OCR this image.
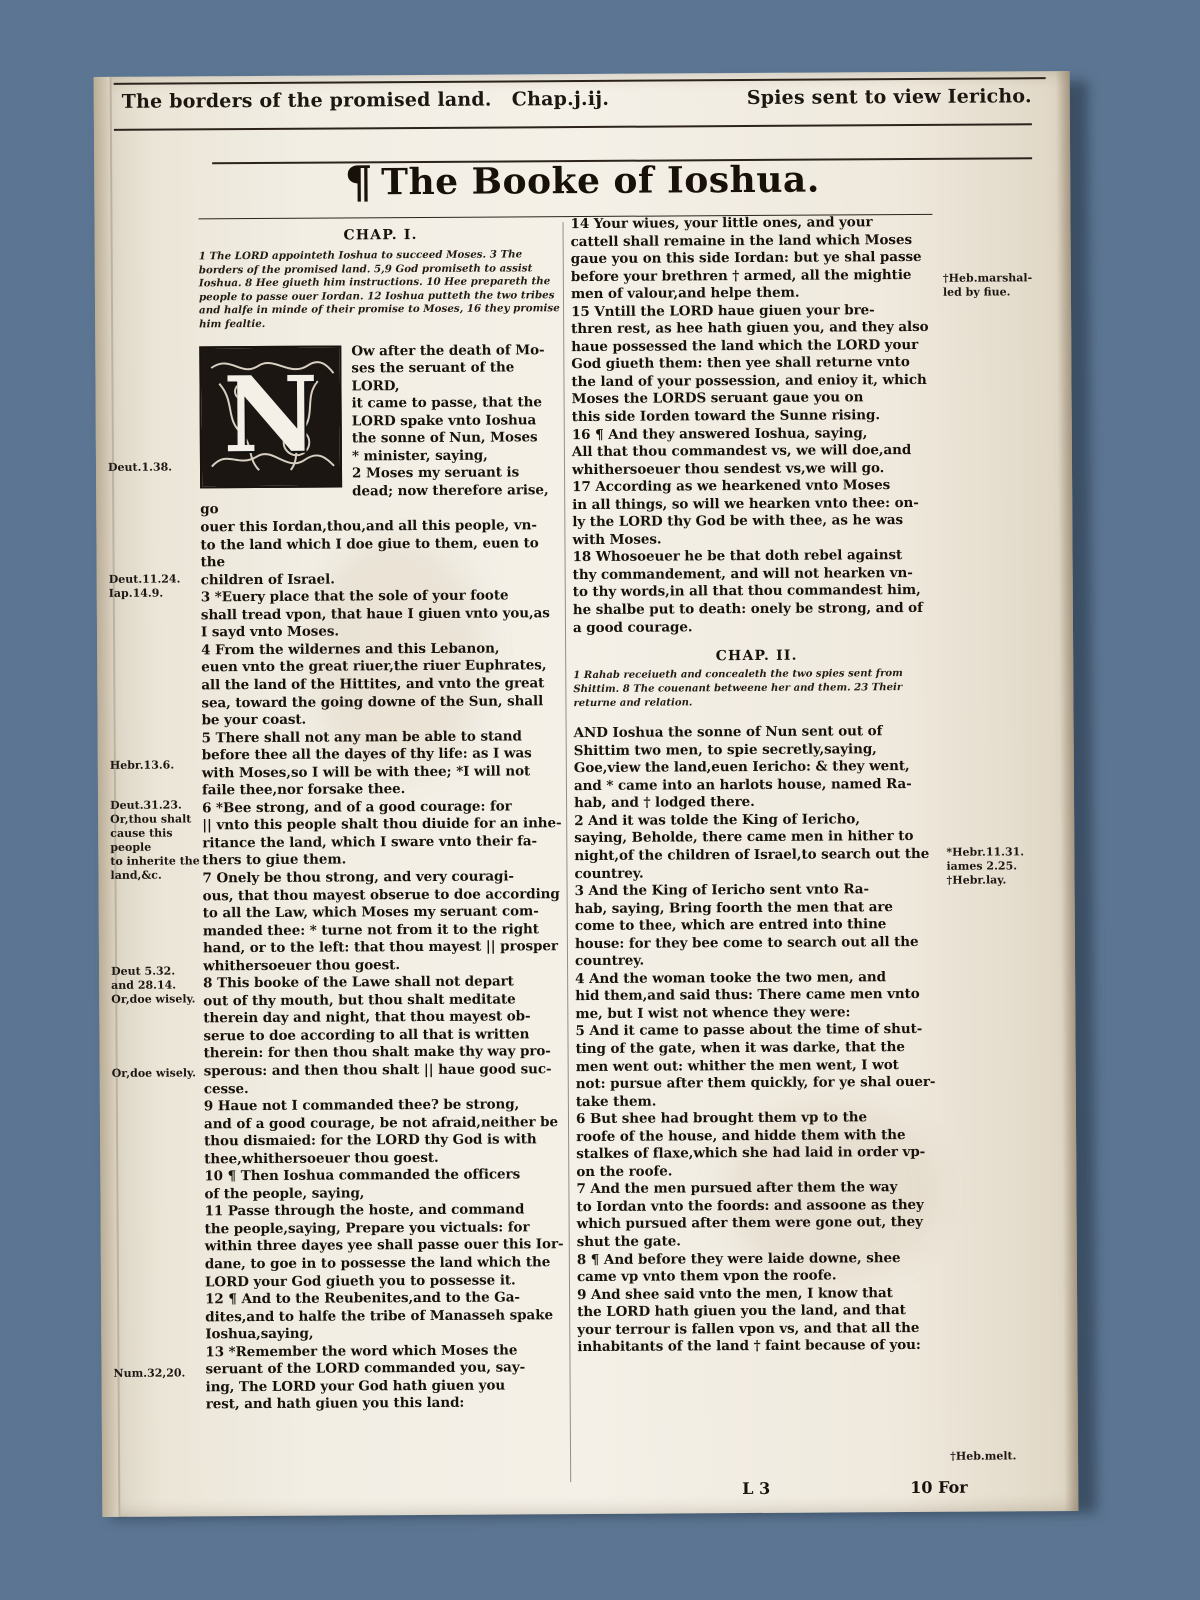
The borders of the promised land. Chap.j.ij.	Spies sent to view Iericho.
¶ The Booke of Ioshua.
Deut.1.38.
Deut.11.24.
Iap.14.9.
Hebr.13.6.
Deut.31.23.
Or,thou shalt
cause this people
to inherite the
land,&c.
Deut 5.32.
and 28.14.
Or,doe wisely.
Or,doe wisely.
Num.32,20.
†Heb.marshal-
led by fiue.
*Hebr.11.31.
iames 2.25.
†Hebr.lay.
†Heb.melt.
CHAP. I.
1 The LORD appointeth Ioshua to succeed Moses. 3 The borders of the promised land. 5,9 God promiseth to assist Ioshua. 8 Hee giueth him instructions. 10 Hee prepareth the people to passe ouer Iordan. 12 Ioshua putteth the two tribes and halfe in minde of their promise to Moses, 16 they promise him fealtie.
N

Ow after the death of Mo-
ses the seruant of the LORD,
it came to passe, that the
LORD spake vnto Ioshua
the sonne of Nun, Moses
* minister, saying,

2 Moses my seruant is
dead; now therefore arise, go
ouer this Iordan,thou,and all this people, vn-
to the land which I doe giue to them, euen to the
children of Israel.

3 *Euery place that the sole of your foote
shall tread vpon, that haue I giuen vnto you,as
I sayd vnto Moses.

4 From the wildernes and this Lebanon,
euen vnto the great riuer,the riuer Euphrates,
all the land of the Hittites, and vnto the great
sea, toward the going downe of the Sun, shall
be your coast.

5 There shall not any man be able to stand
before thee all the dayes of thy life: as I was
with Moses,so I will be with thee; *I will not
faile thee,nor forsake thee.

6 *Bee strong, and of a good courage: for
|| vnto this people shalt thou diuide for an inhe-
ritance the land, which I sware vnto their fa-
thers to giue them.

7 Onely be thou strong, and very couragi-
ous, that thou mayest obserue to doe according
to all the Law, which Moses my seruant com-
manded thee: * turne not from it to the right
hand, or to the left: that thou mayest || prosper
whithersoeuer thou goest.

8 This booke of the Lawe shall not depart
out of thy mouth, but thou shalt meditate
therein day and night, that thou mayest ob-
serue to doe according to all that is written
therein: for then thou shalt make thy way pro-
sperous: and then thou shalt || haue good suc-
cesse.

9 Haue not I commanded thee? be strong,
and of a good courage, be not afraid,neither be
thou dismaied: for the LORD thy God is with
thee,whithersoeuer thou goest.

10 ¶ Then Ioshua commanded the officers
of the people, saying,

11 Passe through the hoste, and command
the people,saying, Prepare you victuals: for
within three dayes yee shall passe ouer this Ior-
dane, to goe in to possesse the land which the
LORD your God giueth you to possesse it.

12 ¶ And to the Reubenites,and to the Ga-
dites,and to halfe the tribe of Manasseh spake
Ioshua,saying,

13 *Remember the word which Moses the
seruant of the LORD commanded you, say-
ing, The LORD your God hath giuen you
rest, and hath giuen you this land:

14 Your wiues, your little ones, and your
cattell shall remaine in the land which Moses
gaue you on this side Iordan: but ye shal passe
before your brethren † armed, all the mightie
men of valour,and helpe them.

15 Vntill the LORD haue giuen your bre-
thren rest, as hee hath giuen you, and they also
haue possessed the land which the LORD your
God giueth them: then yee shall returne vnto
the land of your possession, and enioy it, which
Moses the LORDS seruant gaue you on
this side Iorden toward the Sunne rising.

16 ¶ And they answered Ioshua, saying,
All that thou commandest vs, we will doe,and
whithersoeuer thou sendest vs,we will go.

17 According as we hearkened vnto Moses
in all things, so will we hearken vnto thee: on-
ly the LORD thy God be with thee, as he was
with Moses.

18 Whosoeuer he be that doth rebel against
thy commandement, and will not hearken vn-
to thy words,in all that thou commandest him,
he shalbe put to death: onely be strong, and of
a good courage.

CHAP. II.
1 Rahab receiueth and concealeth the two spies sent from Shittim. 8 The couenant betweene her and them. 23 Their returne and relation.

AND Ioshua the sonne of Nun sent out of
Shittim two men, to spie secretly,saying,
Goe,view the land,euen Iericho: & they went,
and * came into an harlots house, named Ra-
hab, and † lodged there.

2 And it was tolde the King of Iericho,
saying, Beholde, there came men in hither to
night,of the children of Israel,to search out the
countrey.

3 And the King of Iericho sent vnto Ra-
hab, saying, Bring foorth the men that are
come to thee, which are entred into thine
house: for they bee come to search out all the
countrey.

4 And the woman tooke the two men, and
hid them,and said thus: There came men vnto
me, but I wist not whence they were:

5 And it came to passe about the time of shut-
ting of the gate, when it was darke, that the
men went out: whither the men went, I wot
not: pursue after them quickly, for ye shal ouer-
take them.

6 But shee had brought them vp to the
roofe of the house, and hidde them with the
stalkes of flaxe,which she had laid in order vp-
on the roofe.

7 And the men pursued after them the way
to Iordan vnto the foords: and assoone as they
which pursued after them were gone out, they
shut the gate.

8 ¶ And before they were laide downe, shee
came vp vnto them vpon the roofe.

9 And shee said vnto the men, I know that
the LORD hath giuen you the land, and that
your terrour is fallen vpon vs, and that all the
inhabitants of the land † faint because of you:

L 3	10 For
